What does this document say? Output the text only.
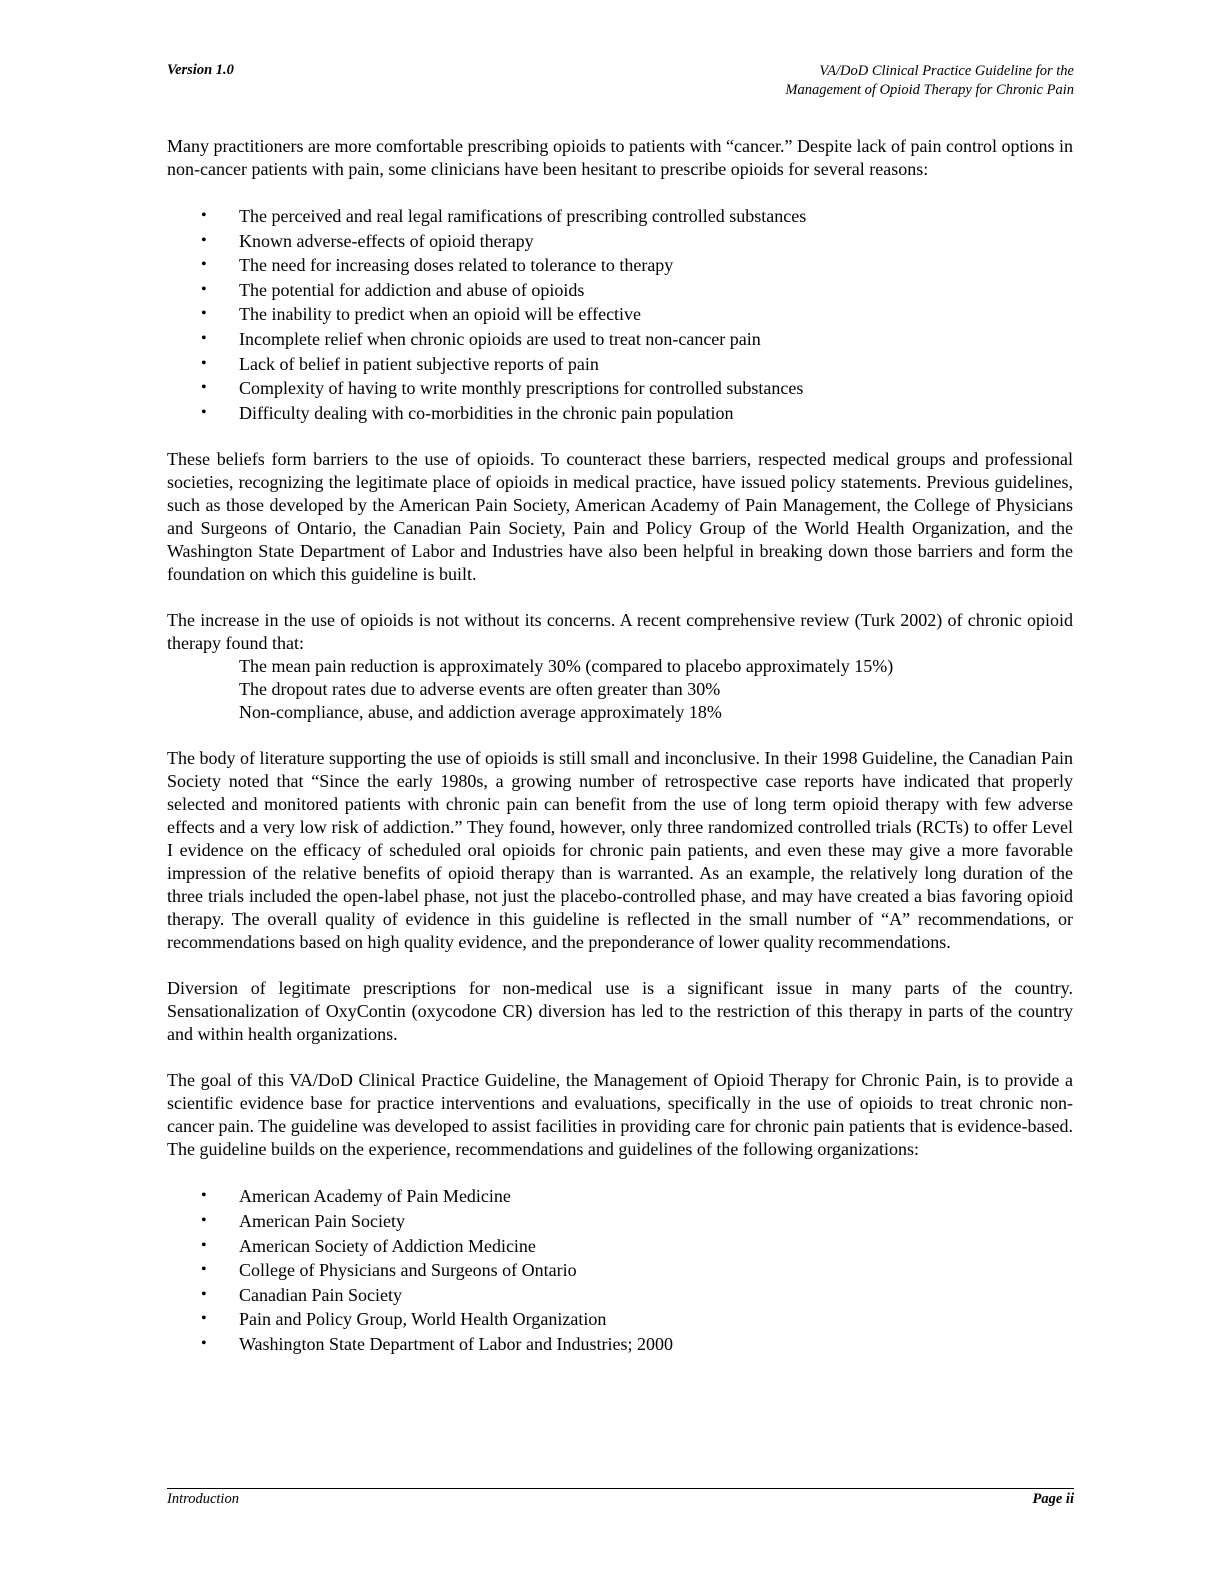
Version 1.0	VA/DoD Clinical Practice Guideline for the
Management of Opioid Therapy for Chronic Pain

Many practitioners are more comfortable prescribing opioids to patients with “cancer.” Despite lack of pain control options in non-cancer patients with pain, some clinicians have been hesitant to prescribe opioids for several reasons:

•	The perceived and real legal ramifications of prescribing controlled substances
•	Known adverse-effects of opioid therapy
•	The need for increasing doses related to tolerance to therapy
•	The potential for addiction and abuse of opioids
•	The inability to predict when an opioid will be effective
•	Incomplete relief when chronic opioids are used to treat non-cancer pain
•	Lack of belief in patient subjective reports of pain
•	Complexity of having to write monthly prescriptions for controlled substances
•	Difficulty dealing with co-morbidities in the chronic pain population

These beliefs form barriers to the use of opioids. To counteract these barriers, respected medical groups and professional societies, recognizing the legitimate place of opioids in medical practice, have issued policy statements. Previous guidelines, such as those developed by the American Pain Society, American Academy of Pain Management, the College of Physicians and Surgeons of Ontario, the Canadian Pain Society, Pain and Policy Group of the World Health Organization, and the Washington State Department of Labor and Industries have also been helpful in breaking down those barriers and form the foundation on which this guideline is built.

The increase in the use of opioids is not without its concerns. A recent comprehensive review (Turk 2002) of chronic opioid therapy found that:

The mean pain reduction is approximately 30% (compared to placebo approximately 15%)
The dropout rates due to adverse events are often greater than 30%
Non-compliance, abuse, and addiction average approximately 18%

The body of literature supporting the use of opioids is still small and inconclusive. In their 1998 Guideline, the Canadian Pain Society noted that “Since the early 1980s, a growing number of retrospective case reports have indicated that properly selected and monitored patients with chronic pain can benefit from the use of long term opioid therapy with few adverse effects and a very low risk of addiction.” They found, however, only three randomized controlled trials (RCTs) to offer Level I evidence on the efficacy of scheduled oral opioids for chronic pain patients, and even these may give a more favorable impression of the relative benefits of opioid therapy than is warranted. As an example, the relatively long duration of the three trials included the open-label phase, not just the placebo-controlled phase, and may have created a bias favoring opioid therapy. The overall quality of evidence in this guideline is reflected in the small number of “A” recommendations, or recommendations based on high quality evidence, and the preponderance of lower quality recommendations.

Diversion of legitimate prescriptions for non-medical use is a significant issue in many parts of the country. Sensationalization of OxyContin (oxycodone CR) diversion has led to the restriction of this therapy in parts of the country and within health organizations.

The goal of this VA/DoD Clinical Practice Guideline, the Management of Opioid Therapy for Chronic Pain, is to provide a scientific evidence base for practice interventions and evaluations, specifically in the use of opioids to treat chronic non-cancer pain. The guideline was developed to assist facilities in providing care for chronic pain patients that is evidence-based. The guideline builds on the experience, recommendations and guidelines of the following organizations:

•	American Academy of Pain Medicine
•	American Pain Society
•	American Society of Addiction Medicine
•	College of Physicians and Surgeons of Ontario
•	Canadian Pain Society
•	Pain and Policy Group, World Health Organization
•	Washington State Department of Labor and Industries; 2000
Introduction	Page ii
